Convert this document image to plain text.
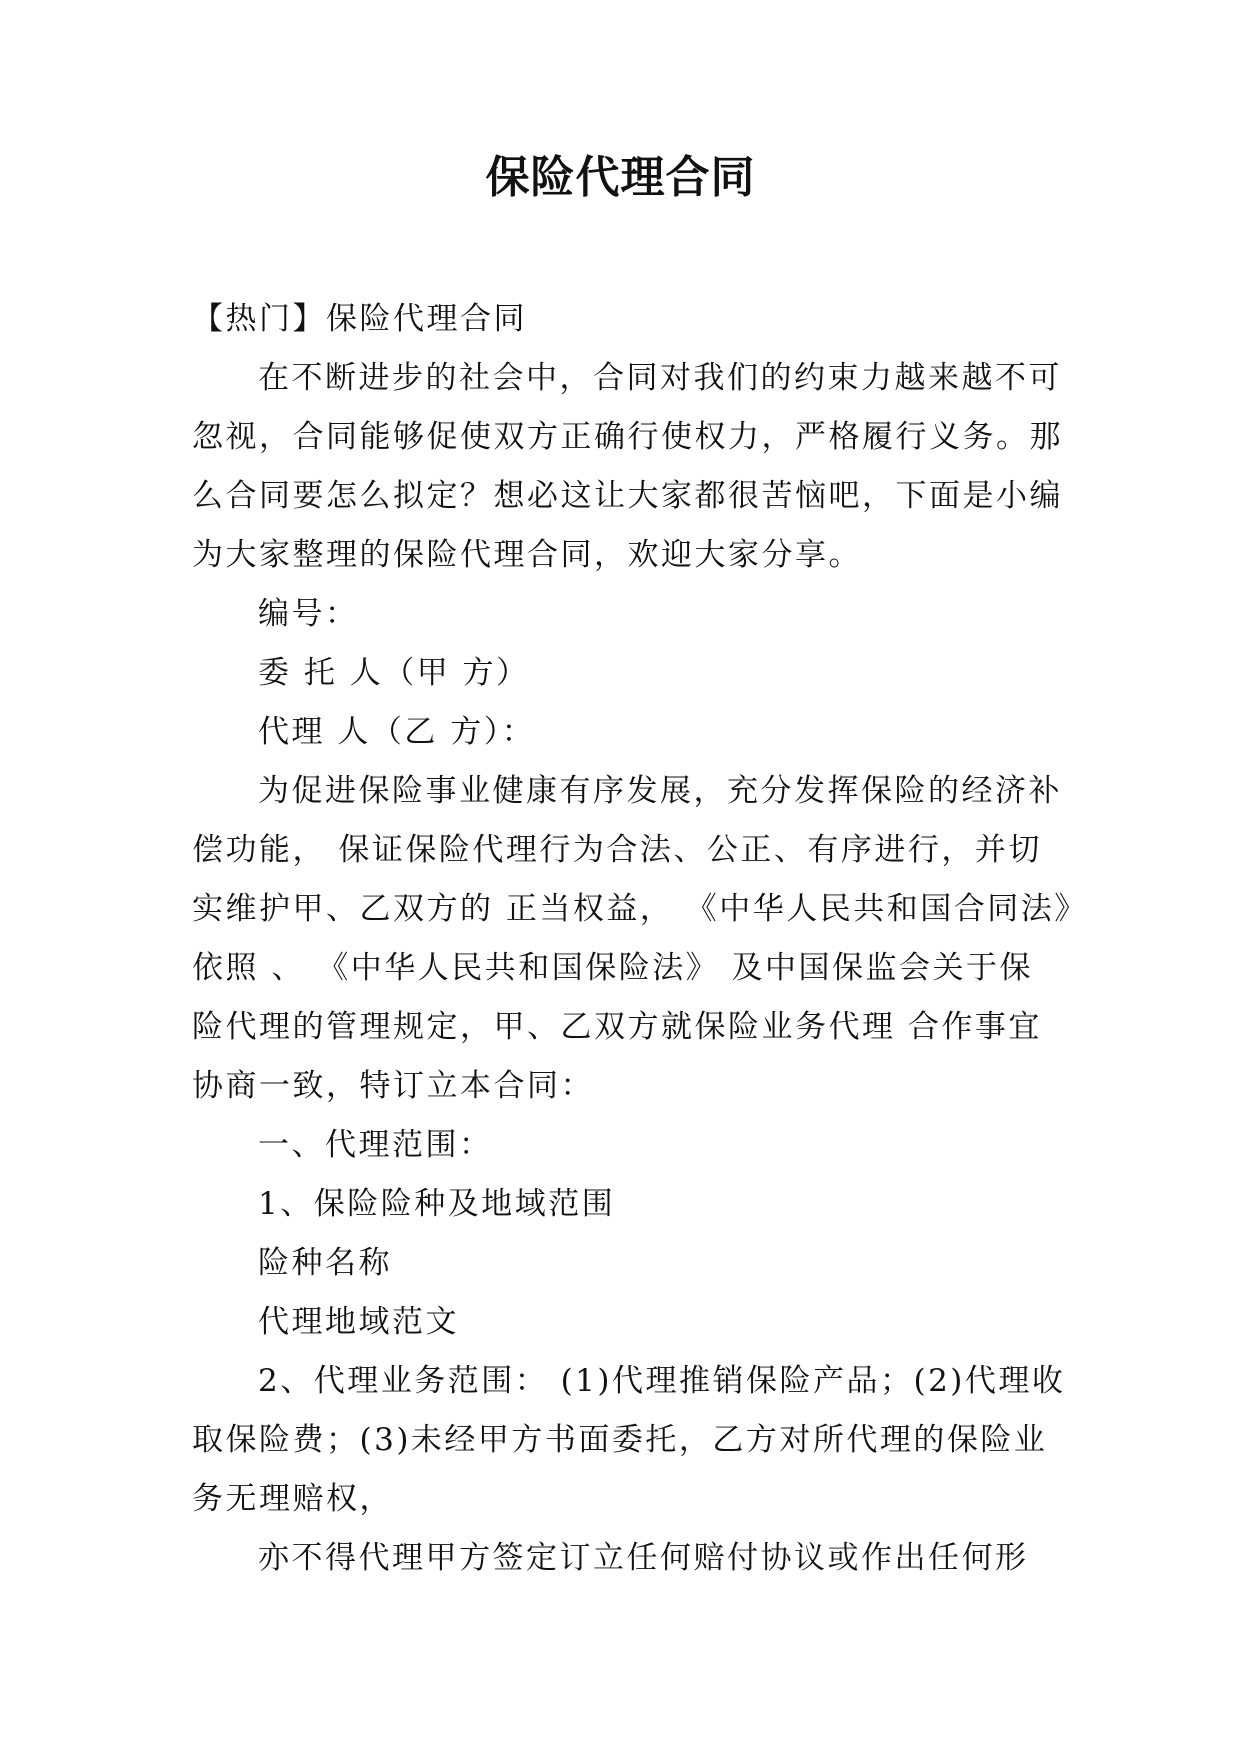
保险代理合同
【热门】保险代理合同
在不断进步的社会中，合同对我们的约束力越来越不可
忽视，合同能够促使双方正确行使权力，严格履行义务。那
么合同要怎么拟定？想必这让大家都很苦恼吧，下面是小编
为大家整理的保险代理合同，欢迎大家分享。
编号：
委 托 人（甲 方）
代理 人（乙 方）：
为促进保险事业健康有序发展，充分发挥保险的经济补
偿功能， 保证保险代理行为合法、公正、有序进行，并切
实维护甲、乙双方的 正当权益， 《中华人民共和国合同法》
依照 、 《中华人民共和国保险法》 及中国保监会关于保
险代理的管理规定，甲、乙双方就保险业务代理 合作事宜
协商一致，特订立本合同：
一、代理范围：
1、保险险种及地域范围
险种名称
代理地域范文
2、代理业务范围： (1)代理推销保险产品；(2)代理收
取保险费；(3)未经甲方书面委托，乙方对所代理的保险业
务无理赔权，
亦不得代理甲方签定订立任何赔付协议或作出任何形
